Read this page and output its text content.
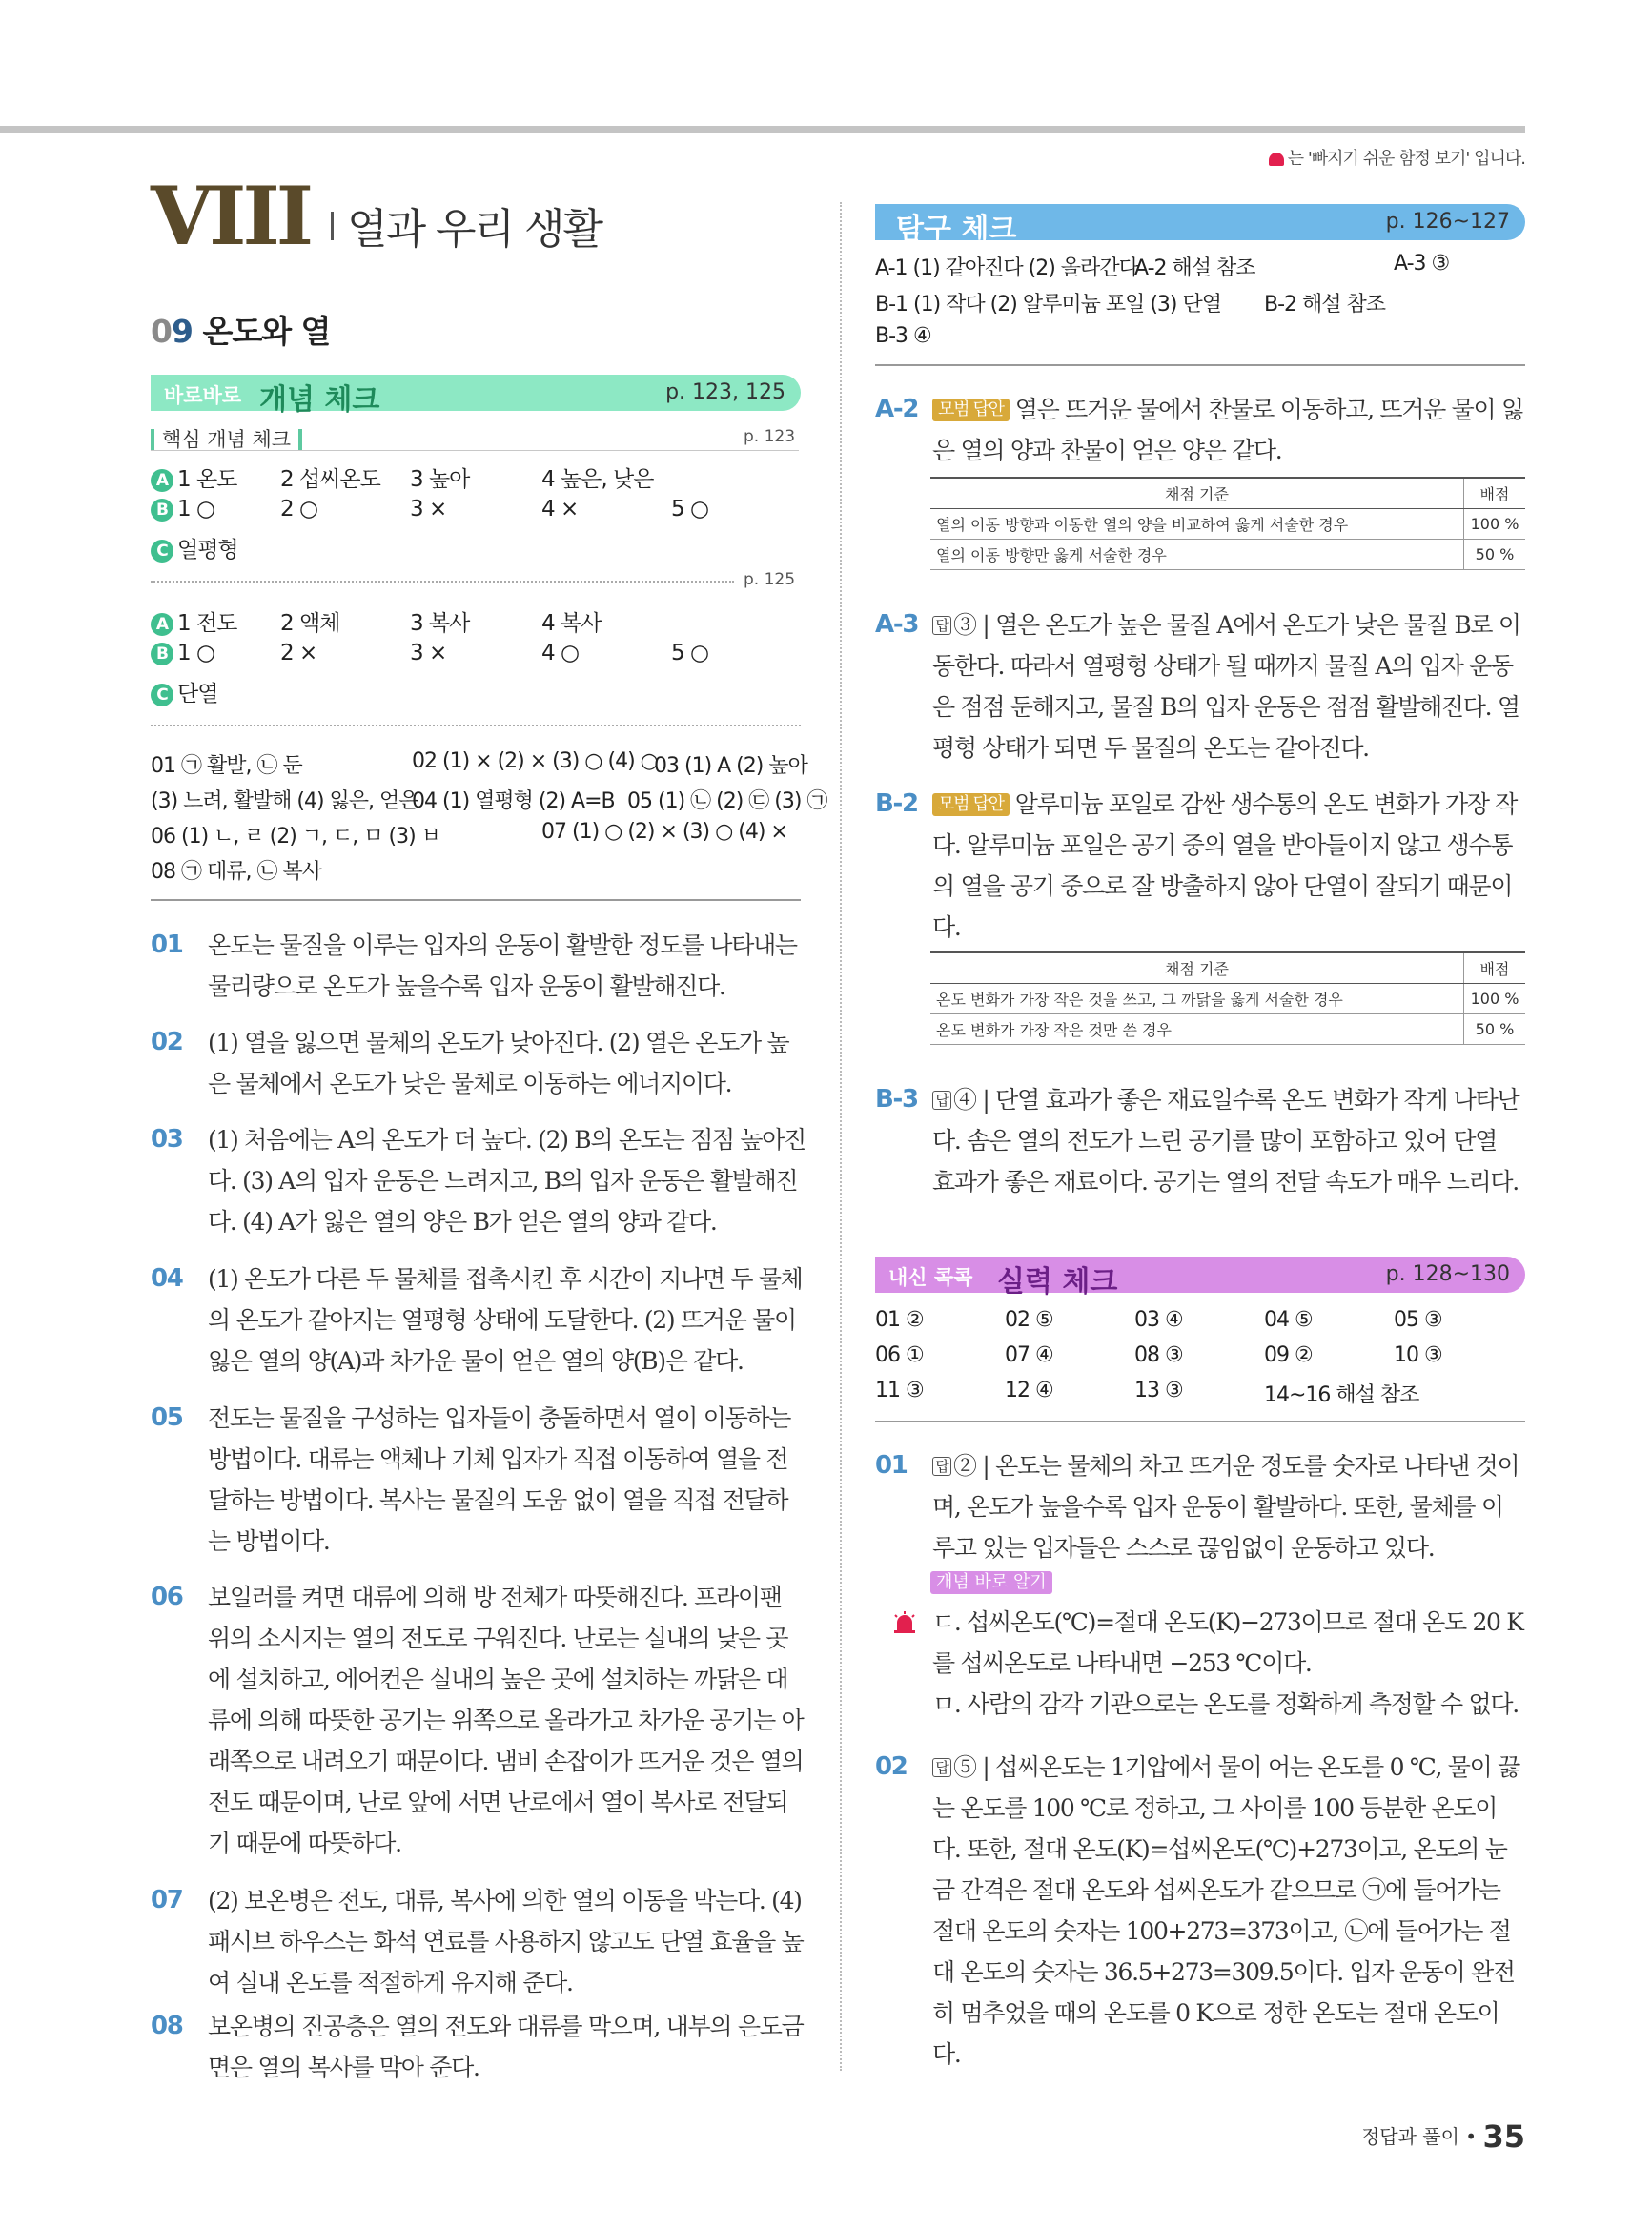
는 '빠지기 쉬운 함정 보기' 입니다.
VIII 열과 우리 생활
09 온도와 열
바로바로 개념 체크	p. 123, 125
핵심 개념 체크	p. 123
A 1 온도 2 섭씨온도 3 높아	4 높은, 낮은
B 1 ○	2 ○	3 ×	4 ×	5 ○
C 열평형
p. 125
A 1 전도 2 액체	3 복사	4 복사
B 1 ○	2 ×	3 ×	4 ○	5 ○
C 단열
01 ㉠ 활발, ㉡ 둔	02 (1) × (2) × (3) ○ (4) ○
03 (1) A (2) 높아
(3) 느려, 활발해 (4) 잃은, 얻은
04 (1) 열평형 (2) A=B 05 (1) ㉡ (2) ㉢ (3) ㉠
06 (1) ㄴ, ㄹ (2) ㄱ, ㄷ, ㅁ (3) ㅂ	07 (1) ○ (2) × (3) ○ (4) ×
08 ㉠ 대류, ㉡ 복사
01 온도는 물질을 이루는 입자의 운동이 활발한 정도를 나타내는 물리량으로 온도가 높을수록 입자 운동이 활발해진다.
02 (1) 열을 잃으면 물체의 온도가 낮아진다. (2) 열은 온도가 높은 물체에서 온도가 낮은 물체로 이동하는 에너지이다.
03 (1) 처음에는 A의 온도가 더 높다. (2) B의 온도는 점점 높아진다. (3) A의 입자 운동은 느려지고, B의 입자 운동은 활발해진다. (4) A가 잃은 열의 양은 B가 얻은 열의 양과 같다.
04 (1) 온도가 다른 두 물체를 접촉시킨 후 시간이 지나면 두 물체의 온도가 같아지는 열평형 상태에 도달한다. (2) 뜨거운 물이 잃은 열의 양(A)과 차가운 물이 얻은 열의 양(B)은 같다.
05 전도는 물질을 구성하는 입자들이 충돌하면서 열이 이동하는 방법이다. 대류는 액체나 기체 입자가 직접 이동하여 열을 전달하는 방법이다. 복사는 물질의 도움 없이 열을 직접 전달하는 방법이다.
06 보일러를 켜면 대류에 의해 방 전체가 따뜻해진다. 프라이팬 위의 소시지는 열의 전도로 구워진다. 난로는 실내의 낮은 곳에 설치하고, 에어컨은 실내의 높은 곳에 설치하는 까닭은 대류에 의해 따뜻한 공기는 위쪽으로 올라가고 차가운 공기는 아래쪽으로 내려오기 때문이다. 냄비 손잡이가 뜨거운 것은 열의 전도 때문이며, 난로 앞에 서면 난로에서 열이 복사로 전달되기 때문에 따뜻하다.
07 (2) 보온병은 전도, 대류, 복사에 의한 열의 이동을 막는다. (4) 패시브 하우스는 화석 연료를 사용하지 않고도 단열 효율을 높여 실내 온도를 적절하게 유지해 준다.
08 보온병의 진공층은 열의 전도와 대류를 막으며, 내부의 은도금 면은 열의 복사를 막아 준다.
탐구 체크	p. 126~127
A-1 (1) 같아진다 (2) 올라간다
A-2 해설 참조	A-3 ③
B-1 (1) 작다 (2) 알루미늄 포일 (3) 단열 B-2 해설 참조
B-3 ④
A-2	모범 답안 열은 뜨거운 물에서 찬물로 이동하고, 뜨거운 물이 잃은 열의 양과 찬물이 얻은 양은 같다.
채점 기준	배점
열의 이동 방향과 이동한 열의 양을 비교하여 옳게 서술한 경우	100 %
열의 이동 방향만 옳게 서술한 경우	50 %
A-3 답 ③ | 열은 온도가 높은 물질 A에서 온도가 낮은 물질 B로 이동한다. 따라서 열평형 상태가 될 때까지 물질 A의 입자 운동은 점점 둔해지고, 물질 B의 입자 운동은 점점 활발해진다. 열평형 상태가 되면 두 물질의 온도는 같아진다.
B-2	모범 답안 알루미늄 포일로 감싼 생수통의 온도 변화가 가장 작다. 알루미늄 포일은 공기 중의 열을 받아들이지 않고 생수통의 열을 공기 중으로 잘 방출하지 않아 단열이 잘되기 때문이다.
채점 기준	배점
온도 변화가 가장 작은 것을 쓰고, 그 까닭을 옳게 서술한 경우	100 %
온도 변화가 가장 작은 것만 쓴 경우	50 %
B-3 답 ④ | 단열 효과가 좋은 재료일수록 온도 변화가 작게 나타난다. 솜은 열의 전도가 느린 공기를 많이 포함하고 있어 단열 효과가 좋은 재료이다. 공기는 열의 전달 속도가 매우 느리다.
내신 콕콕 실력 체크	p. 128~130
01 ②	02 ⑤	03 ④	04 ⑤	05 ③
06 ①	07 ④	08 ③	09 ②	10 ③
11 ③	12 ④	13 ③	14~16 해설 참조
01 답 ② | 온도는 물체의 차고 뜨거운 정도를 숫자로 나타낸 것이며, 온도가 높을수록 입자 운동이 활발하다. 또한, 물체를 이루고 있는 입자들은 스스로 끊임없이 운동하고 있다.
개념 바로 알기
ㄷ. 섭씨온도(℃)=절대 온도(K)−273이므로 절대 온도 20 K를 섭씨온도로 나타내면 −253 ℃이다.
ㅁ. 사람의 감각 기관으로는 온도를 정확하게 측정할 수 없다.
02 답 ⑤ | 섭씨온도는 1기압에서 물이 어는 온도를 0 ℃, 물이 끓는 온도를 100 ℃로 정하고, 그 사이를 100 등분한 온도이다. 또한, 절대 온도(K)=섭씨온도(℃)+273이고, 온도의 눈금 간격은 절대 온도와 섭씨온도가 같으므로 ㉠에 들어가는 절대 온도의 숫자는 100+273=373이고, ㉡에 들어가는 절대 온도의 숫자는 36.5+273=309.5이다. 입자 운동이 완전히 멈추었을 때의 온도를 0 K으로 정한 온도는 절대 온도이다.
정답과 풀이 • 35
